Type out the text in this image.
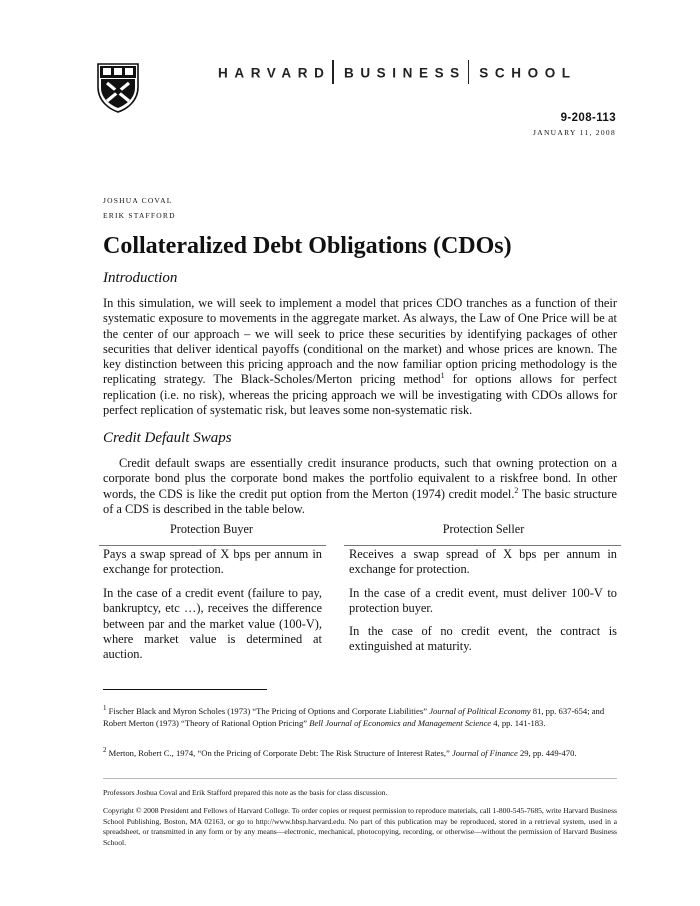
HARVARD BUSINESS SCHOOL
9-208-113
JANUARY 11, 2008
JOSHUA COVAL
ERIK STAFFORD
Collateralized Debt Obligations (CDOs)
Introduction
In this simulation, we will seek to implement a model that prices CDO tranches as a function of their systematic exposure to movements in the aggregate market. As always, the Law of One Price will be at the center of our approach – we will seek to price these securities by identifying packages of other securities that deliver identical payoffs (conditional on the market) and whose prices are known. The key distinction between this pricing approach and the now familiar option pricing methodology is the replicating strategy. The Black-Scholes/Merton pricing method$^1$ for options allows for perfect replication (i.e. no risk), whereas the pricing approach we will be investigating with CDOs allows for perfect replication of systematic risk, but leaves some non-systematic risk.
Credit Default Swaps
Credit default swaps are essentially credit insurance products, such that owning protection on a corporate bond plus the corporate bond makes the portfolio equivalent to a riskfree bond. In other words, the CDS is like the credit put option from the Merton (1974) credit model.$^2$ The basic structure of a CDS is described in the table below.
Protection Buyer	Protection Seller
Pays a swap spread of X bps per annum in exchange for protection.
In the case of a credit event (failure to pay, bankruptcy, etc …), receives the difference between par and the market value (100-V), where market value is determined at auction.
Receives a swap spread of X bps per annum in exchange for protection.
In the case of a credit event, must deliver 100-V to protection buyer.
In the case of no credit event, the contract is extinguished at maturity.
$^1$ Fischer Black and Myron Scholes (1973) “The Pricing of Options and Corporate Liabilities” Journal of Political Economy 81, pp. 637-654; and Robert Merton (1973) “Theory of Rational Option Pricing” Bell Journal of Economics and Management Science 4, pp. 141-183.
$^2$ Merton, Robert C., 1974, “On the Pricing of Corporate Debt: The Risk Structure of Interest Rates,” Journal of Finance 29, pp. 449-470.
Professors Joshua Coval and Erik Stafford prepared this note as the basis for class discussion.
Copyright © 2008 President and Fellows of Harvard College. To order copies or request permission to reproduce materials, call 1-800-545-7685, write Harvard Business School Publishing, Boston, MA 02163, or go to http://www.hbsp.harvard.edu. No part of this publication may be reproduced, stored in a retrieval system, used in a spreadsheet, or transmitted in any form or by any means—electronic, mechanical, photocopying, recording, or otherwise—without the permission of Harvard Business School.
